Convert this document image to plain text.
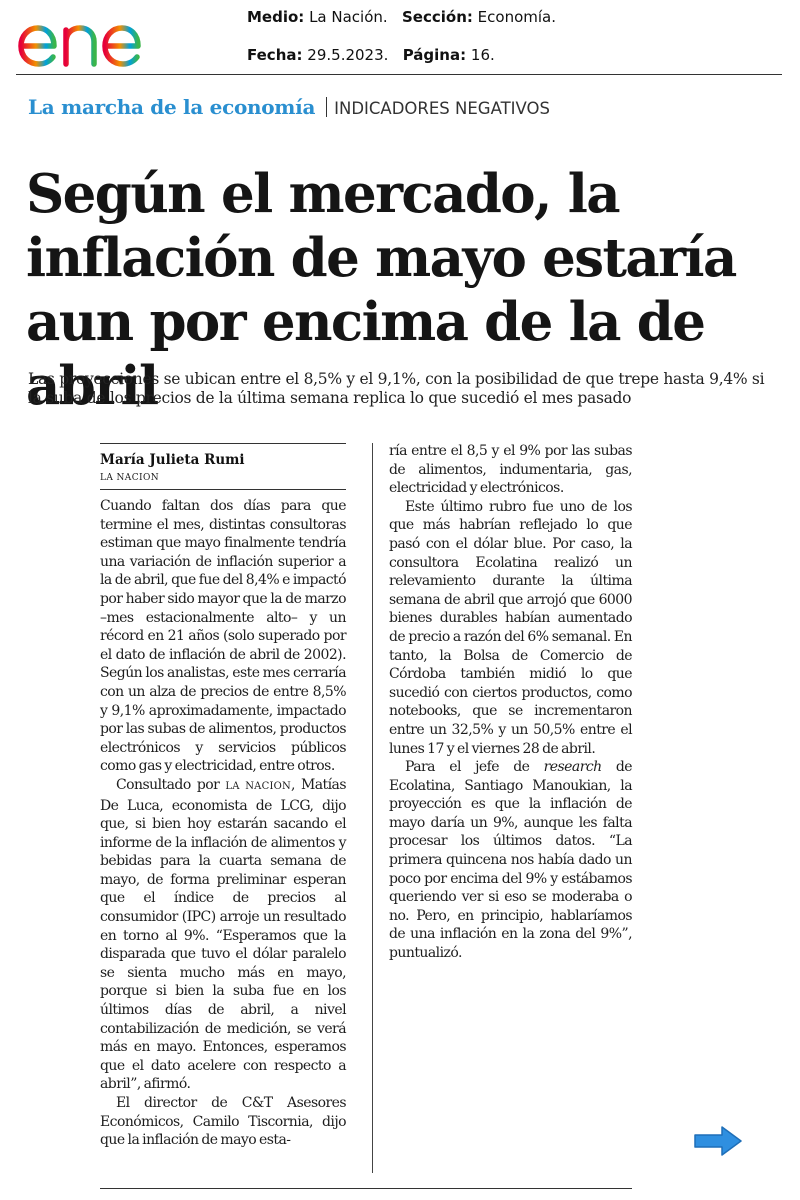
Medio: La Nación. Sección: Economía.
Fecha: 29.5.2023. Página: 16.
La marcha de la economía INDICADORES NEGATIVOS
Según el mercado, la inflación de mayo estaría aun por encima de la de abril

Las proyecciones se ubican entre el 8,5% y el 9,1%, con la posibilidad de que trepe hasta 9,4% si la suba de los precios de la última semana replica lo que sucedió el mes pasado

María Julieta Rumi
LA NACION

Cuando faltan dos días para que termine el mes, distintas consultoras estiman que mayo finalmente tendría una variación de inflación superior a la de abril, que fue del 8,4% e impactó por haber sido mayor que la de marzo –mes estacionalmente alto– y un récord en 21 años (solo superado por el dato de inflación de abril de 2002). Según los analistas, este mes cerraría con un alza de precios de entre 8,5% y 9,1% aproximadamente, impactado por las subas de alimentos, productos electrónicos y servicios públicos como gas y electricidad, entre otros.

Consultado por LA NACION, Matías De Luca, economista de LCG, dijo que, si bien hoy estarán sacando el informe de la inflación de alimentos y bebidas para la cuarta semana de mayo, de forma preliminar esperan que el índice de precios al consumidor (IPC) arroje un resultado en torno al 9%. “Esperamos que la disparada que tuvo el dólar paralelo se sienta mucho más en mayo, porque si bien la suba fue en los últimos días de abril, a nivel contabilización de medición, se verá más en mayo. Entonces, esperamos que el dato acelere con respecto a abril”, afirmó.

El director de C&T Asesores Económicos, Camilo Tiscornia, dijo que la inflación de mayo esta-

ría entre el 8,5 y el 9% por las subas de alimentos, indumentaria, gas, electricidad y electrónicos.

Este último rubro fue uno de los que más habrían reflejado lo que pasó con el dólar blue. Por caso, la consultora Ecolatina realizó un relevamiento durante la última semana de abril que arrojó que 6000 bienes durables habían aumentado de precio a razón del 6% semanal. En tanto, la Bolsa de Comercio de Córdoba también midió lo que sucedió con ciertos productos, como notebooks, que se incrementaron entre un 32,5% y un 50,5% entre el lunes 17 y el viernes 28 de abril.

Para el jefe de research de Ecolatina, Santiago Manoukian, la proyección es que la inflación de mayo daría un 9%, aunque les falta procesar los últimos datos. “La primera quincena nos había dado un poco por encima del 9% y estábamos queriendo ver si eso se moderaba o no. Pero, en principio, hablaríamos de una inflación en la zona del 9%”, puntualizó.
